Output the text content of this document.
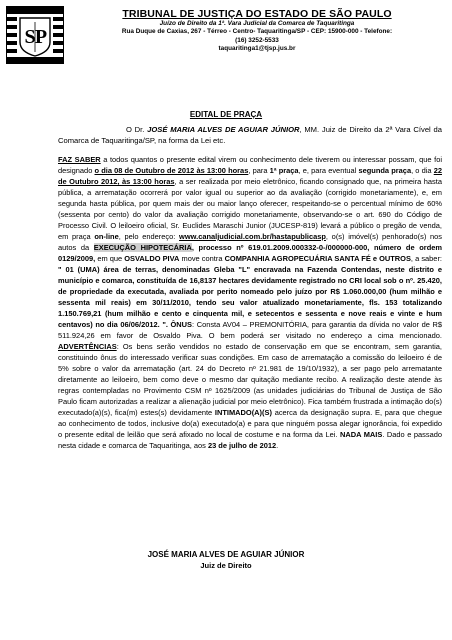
S P
TRIBUNAL DE JUSTIÇA DO ESTADO DE SÃO PAULO
Juízo de Direito da 1ª. Vara Judicial da Comarca de Taquaritinga
Rua Duque de Caxias, 267 - Térreo - Centro- Taquaritinga/SP - CEP: 15900-000 - Telefone:
(16) 3252-5533
taquaritinga1@tjsp.jus.br
EDITAL DE PRAÇA
O Dr. JOSÉ MARIA ALVES DE AGUIAR JÚNIOR, MM. Juiz de Direito da 2ª Vara Cível da Comarca de Taquaritinga/SP, na forma da Lei etc.
FAZ SABER a todos quantos o presente edital virem ou conhecimento dele tiverem ou interessar possam, que foi designado o dia 08 de Outubro de 2012 às 13:00 horas, para 1ª praça, e, para eventual segunda praça, o dia 22 de Outubro 2012, às 13:00 horas, a ser realizada por meio eletrônico, ficando consignado que, na primeira hasta pública, a arrematação ocorrerá por valor igual ou superior ao da avaliação (corrigido monetariamente), e, em segunda hasta pública, por quem mais der ou maior lanço oferecer, respeitando-se o percentual mínimo de 60% (sessenta por cento) do valor da avaliação corrigido monetariamente, observando-se o art. 690 do Código de Processo Civil. O leiloeiro oficial, Sr. Euclides Maraschi Junior (JUCESP-819) levará a público o pregão de venda, em praça on-line, pelo endereço: www.canaljudicial.com.br/hastapublicasp, o(s) imóvel(s) penhorado(s) nos autos da EXECUÇÃO HIPOTECÁRIA, processo nº 619.01.2009.000332-0-/000000-000, número de ordem 0129/2009, em que OSVALDO PIVA move contra COMPANHIA AGROPECUÁRIA SANTA FÉ e OUTROS, a saber: " 01 (UMA) área de terras, denominadas Gleba "L" encravada na Fazenda Contendas, neste distrito e município e comarca, constituída de 16,8137 hectares devidamente registrado no CRI local sob o nº. 25.420, de propriedade da executada, avaliada por perito nomeado pelo juízo por R$ 1.060.000,00 (hum milhão e sessenta mil reais) em 30/11/2010, tendo seu valor atualizado monetariamente, fls. 153 totalizando 1.150.769,21 (hum milhão e cento e cinquenta mil, e setecentos e sessenta e nove reais e vinte e hum centavos) no dia 06/06/2012. ". ÔNUS: Consta AV04 – PREMONITÓRIA, para garantia da dívida no valor de R$ 511.924,26 em favor de Osvaldo Piva. O bem poderá ser visitado no endereço a cima mencionado. ADVERTÊNCIAS: Os bens serão vendidos no estado de conservação em que se encontram, sem garantia, constituindo ônus do interessado verificar suas condições. Em caso de arrematação a comissão do leiloeiro é de 5% sobre o valor da arrematação (art. 24 do Decreto nº 21.981 de 19/10/1932), a ser pago pelo arrematante diretamente ao leiloeiro, bem como deve o mesmo dar quitação mediante recibo. A realização deste atende às regras contempladas no Provimento CSM nº 1625/2009 (as unidades judiciárias do Tribunal de Justiça de São Paulo ficam autorizadas a realizar a alienação judicial por meio eletrônico). Fica também frustrada a intimação do(s) executado(a)(s), fica(m) estes(s) devidamente INTIMADO(A)(S) acerca da designação supra. E, para que chegue ao conhecimento de todos, inclusive do(a) executado(a) e para que ninguém possa alegar ignorância, foi expedido o presente edital de leilão que será afixado no local de costume e na forma da Lei. NADA MAIS. Dado e passado nesta cidade e comarca de Taquaritinga, aos 23 de julho de 2012.
JOSÉ MARIA ALVES DE AGUIAR JÚNIOR
Juiz de Direito
